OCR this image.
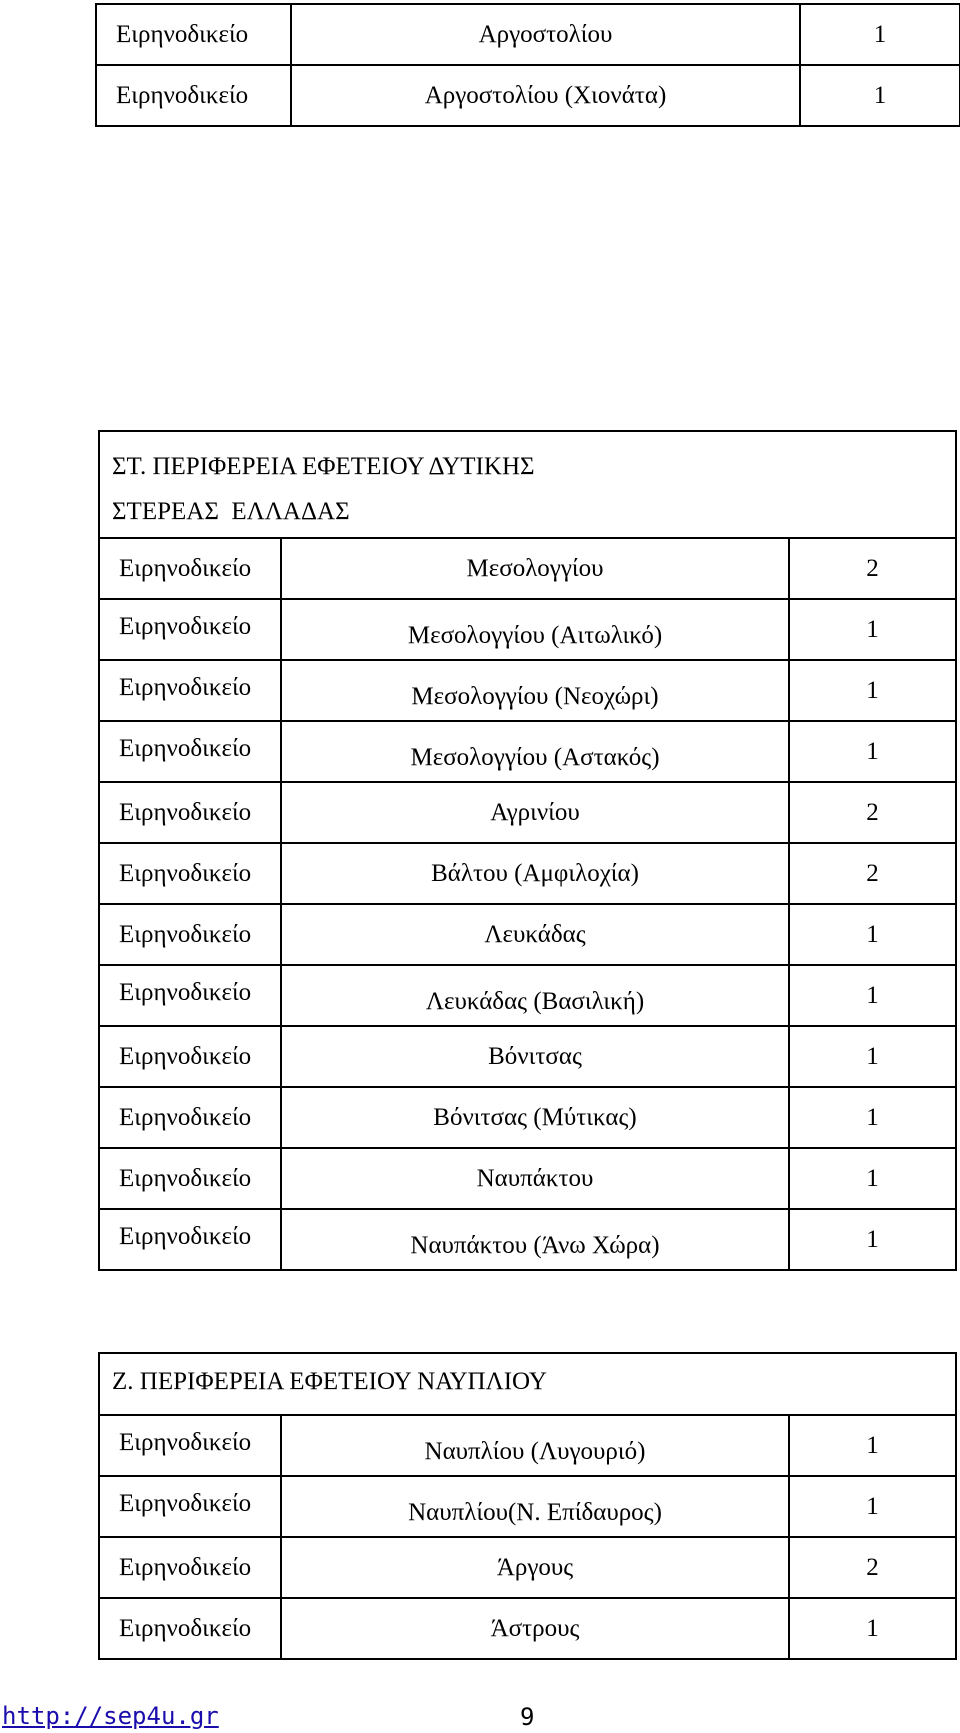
Ειρηνοδικείο	Αργοστολίου	1
Ειρηνοδικείο	Αργοστολίου (Χιονάτα)	1
ΣΤ. ΠΕΡΙΦΕΡΕΙΑ ΕΦΕΤΕΙΟΥ ΔΥΤΙΚΗΣ
ΣΤΕΡΕΑΣ  ΕΛΛΑΔΑΣ		

Ειρηνοδικείο	Μεσολογγίου	2
Ειρηνοδικείο	Μεσολογγίου (Αιτωλικό)	1
Ειρηνοδικείο	Μεσολογγίου (Νεοχώρι)	1
Ειρηνοδικείο	Μεσολογγίου (Αστακός)	1
Ειρηνοδικείο	Αγρινίου	2
Ειρηνοδικείο	Βάλτου (Αμφιλοχία)	2
Ειρηνοδικείο	Λευκάδας	1
Ειρηνοδικείο	Λευκάδας (Βασιλική)	1
Ειρηνοδικείο	Βόνιτσας	1
Ειρηνοδικείο	Βόνιτσας (Μύτικας)	1
Ειρηνοδικείο	Ναυπάκτου	1
Ειρηνοδικείο	Ναυπάκτου (Άνω Χώρα)	1
Ζ. ΠΕΡΙΦΕΡΕΙΑ ΕΦΕΤΕΙΟΥ ΝΑΥΠΛΙΟΥ		
Ειρηνοδικείο	Ναυπλίου (Λυγουριό)	1
Ειρηνοδικείο	Ναυπλίου(Ν. Επίδαυρος)	1
Ειρηνοδικείο	Άργους	2
Ειρηνοδικείο	Άστρους	1
http://sep4u.gr	9
